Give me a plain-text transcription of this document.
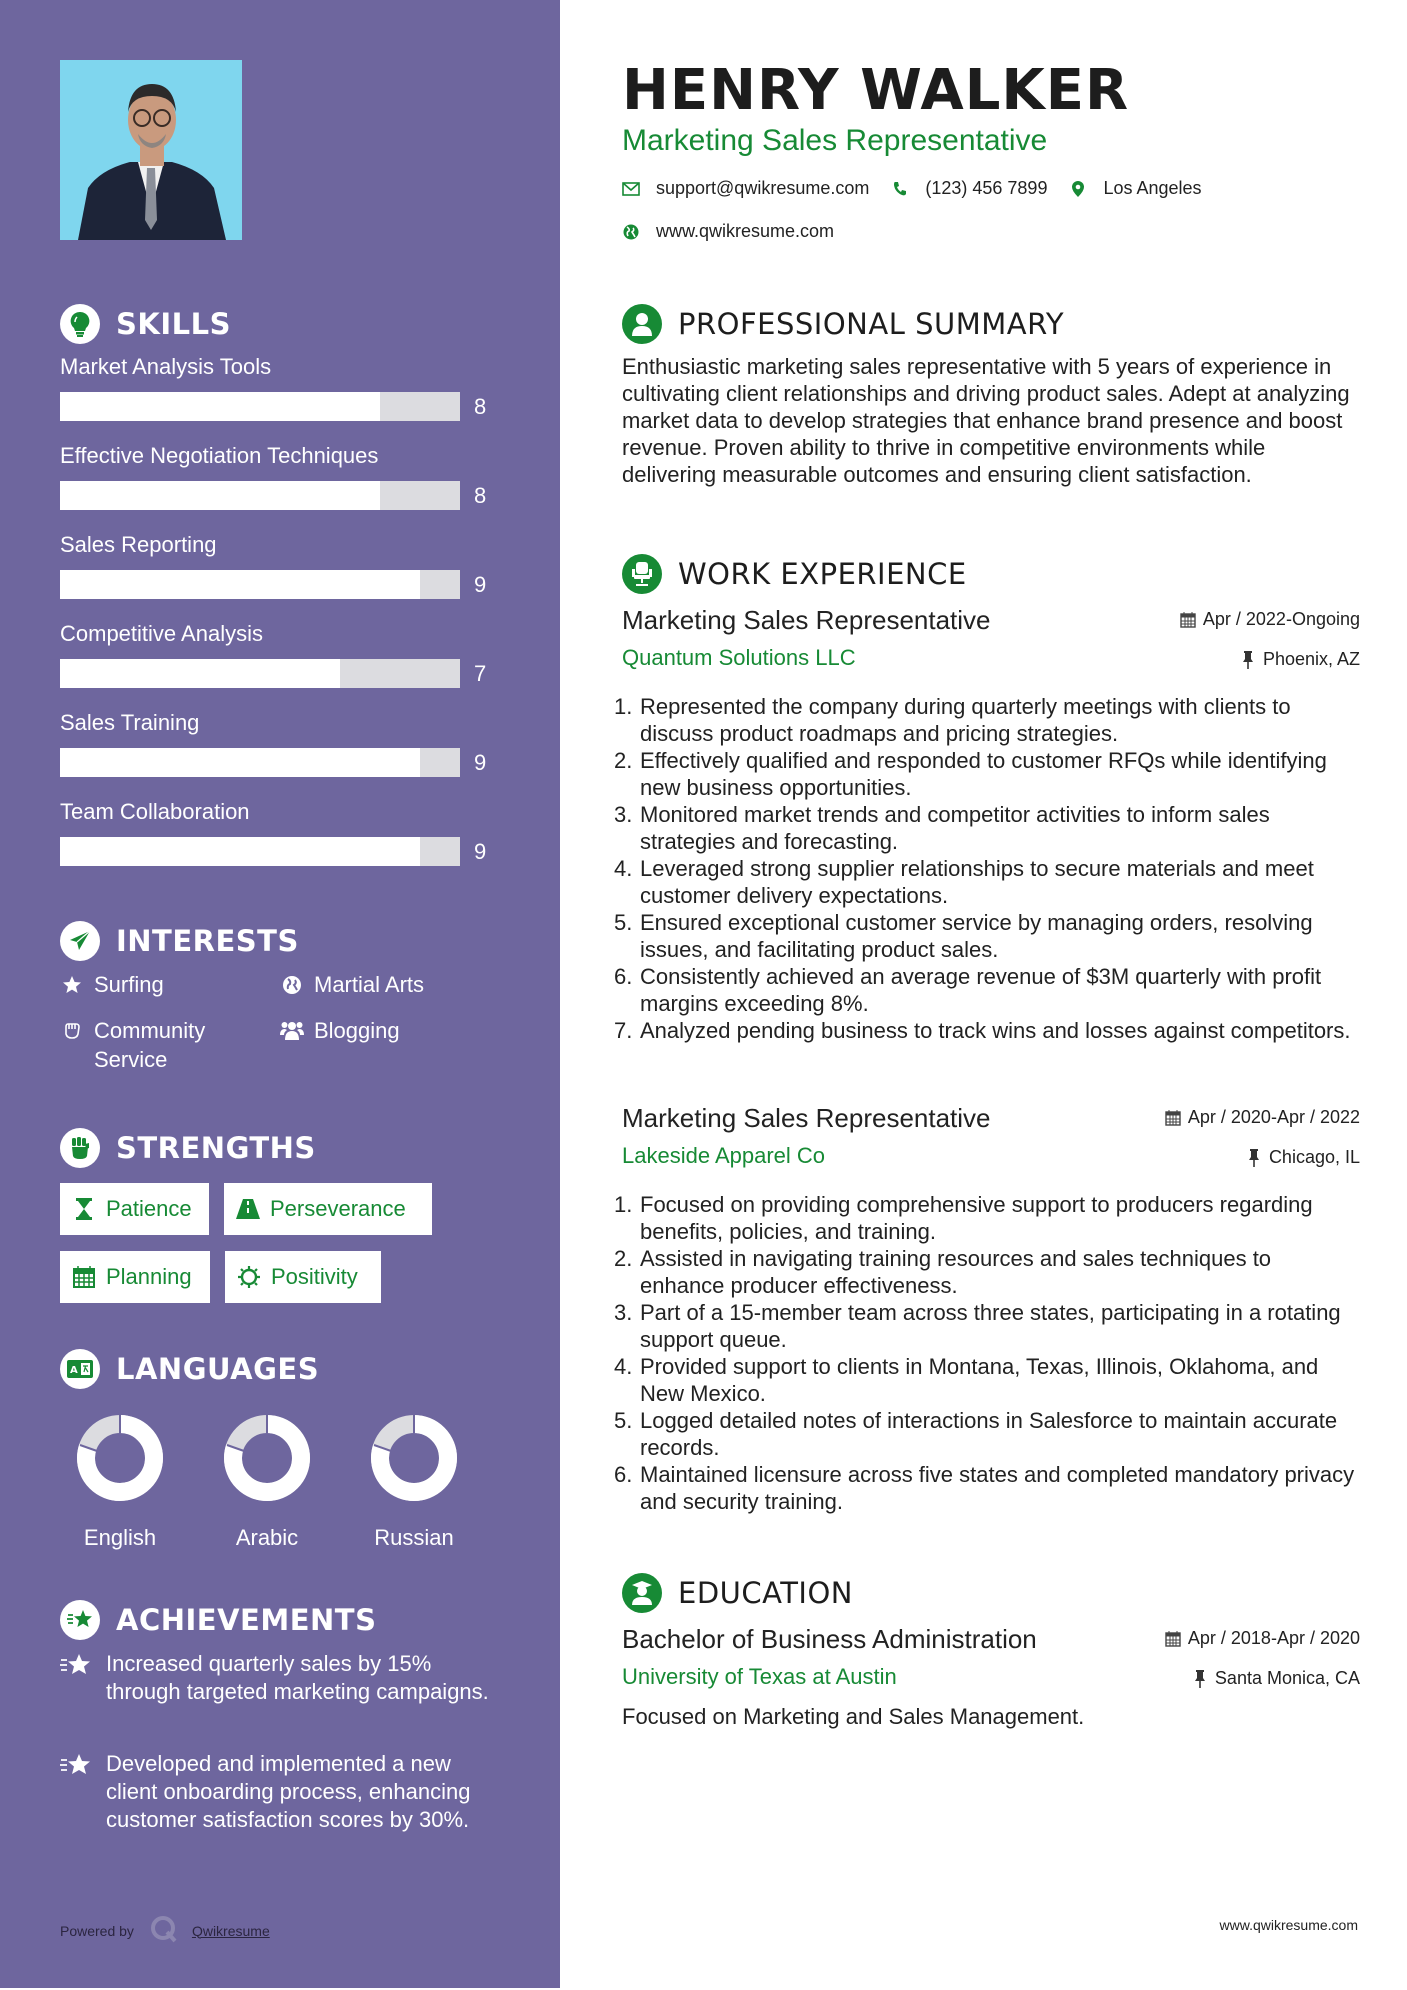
SKILLS
Market Analysis Tools
8
Effective Negotiation Techniques
8
Sales Reporting
9
Competitive Analysis
7
Sales Training
9
Team Collaboration
9
INTERESTS
Surfing	Martial Arts
Community Service
Blogging
STRENGTHS
Patience	Perseverance
Planning	Positivity
A LANGUAGES
English	Arabic	Russian
ACHIEVEMENTS
Increased quarterly sales by 15% through targeted marketing campaigns.
Developed and implemented a new client onboarding process, enhancing customer satisfaction scores by 30%.
Powered by	Qwikresume
HENRY WALKER
Marketing Sales Representative
support@qwikresume.com	(123) 456 7899	Los Angeles
www.qwikresume.com
PROFESSIONAL SUMMARY

Enthusiastic marketing sales representative with 5 years of experience in cultivating client relationships and driving product sales. Adept at analyzing market data to develop strategies that enhance brand presence and boost revenue. Proven ability to thrive in competitive environments while delivering measurable outcomes and ensuring client satisfaction.

WORK EXPERIENCE
Marketing Sales Representative
Quantum Solutions LLC
Apr / 2022-Ongoing
Phoenix, AZ
1. Represented the company during quarterly meetings with clients to discuss product roadmaps and pricing strategies.
2. Effectively qualified and responded to customer RFQs while identifying new business opportunities.
3. Monitored market trends and competitor activities to inform sales strategies and forecasting.
4. Leveraged strong supplier relationships to secure materials and meet customer delivery expectations.
5. Ensured exceptional customer service by managing orders, resolving issues, and facilitating product sales.
6. Consistently achieved an average revenue of $3M quarterly with profit margins exceeding 8%.
7. Analyzed pending business to track wins and losses against competitors.
Marketing Sales Representative
Lakeside Apparel Co
Apr / 2020-Apr / 2022
Chicago, IL
1. Focused on providing comprehensive support to producers regarding benefits, policies, and training.
2. Assisted in navigating training resources and sales techniques to enhance producer effectiveness.
3. Part of a 15-member team across three states, participating in a rotating support queue.
4. Provided support to clients in Montana, Texas, Illinois, Oklahoma, and New Mexico.
5. Logged detailed notes of interactions in Salesforce to maintain accurate records.
6. Maintained licensure across five states and completed mandatory privacy and security training.
EDUCATION
Bachelor of Business Administration
University of Texas at Austin
Apr / 2018-Apr / 2020
Santa Monica, CA
Focused on Marketing and Sales Management.
www.qwikresume.com
